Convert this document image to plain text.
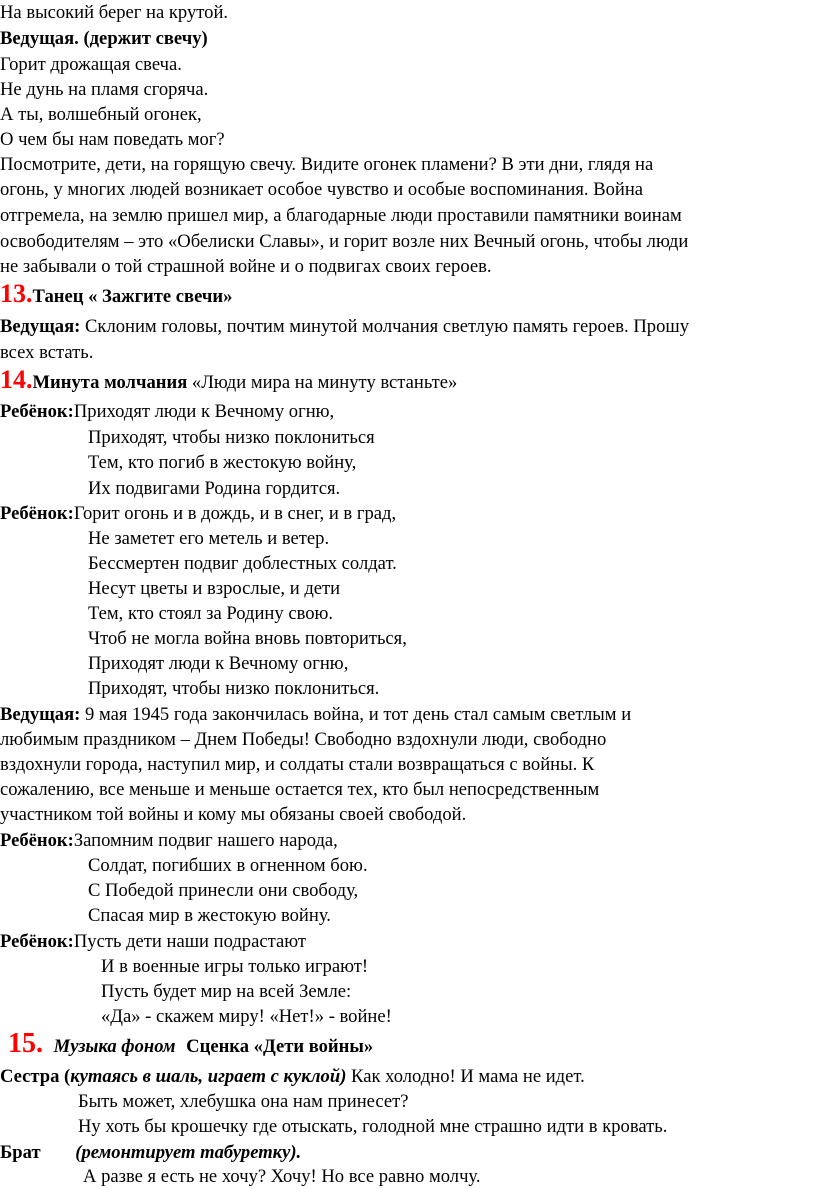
На высокий берег на крутой.
Ведущая. (держит свечу)
Горит дрожащая свеча.
Не дунь на пламя сгоряча.
А ты, волшебный огонек,
О чем бы нам поведать мог?
Посмотрите, дети, на горящую свечу. Видите огонек пламени? В эти дни, глядя на
огонь, у многих людей возникает особое чувство и особые воспоминания. Война
отгремела, на землю пришел мир, а благодарные люди проставили памятники воинам
освободителям – это «Обелиски Славы», и горит возле них Вечный огонь, чтобы люди
не забывали о той страшной войне и о подвигах своих героев.
13.Танец « Зажгите свечи»
Ведущая: Склоним головы, почтим минутой молчания светлую память героев. Прошу
всех встать.
14.Минута молчания «Люди мира на минуту встаньте»
Ребёнок:Приходят люди к Вечному огню,
Приходят, чтобы низко поклониться
Тем, кто погиб в жестокую войну,
Их подвигами Родина гордится.
Ребёнок:Горит огонь и в дождь, и в снег, и в град,
Не заметет его метель и ветер.
Бессмертен подвиг доблестных солдат.
Несут цветы и взрослые, и дети
Тем, кто стоял за Родину свою.
Чтоб не могла война вновь повториться,
Приходят люди к Вечному огню,
Приходят, чтобы низко поклониться.
Ведущая: 9 мая 1945 года закончилась война, и тот день стал самым светлым и
любимым праздником – Днем Победы! Свободно вздохнули люди, свободно
вздохнули города, наступил мир, и солдаты стали возвращаться с войны. К
сожалению, все меньше и меньше остается тех, кто был непосредственным
участником той войны и кому мы обязаны своей свободой.
Ребёнок:Запомним подвиг нашего народа,
Солдат, погибших в огненном бою.
С Победой принесли они свободу,
Спасая мир в жестокую войну.
Ребёнок:Пусть дети наши подрастают
И в военные игры только играют!
Пусть будет мир на всей Земле:
«Да» - скажем миру! «Нет!» - войне!
15. Музыка фоном Сценка «Дети войны»
Сестра (кутаясь в шаль, играет с куклой) Как холодно! И мама не идет.
Быть может, хлебушка она нам принесет?
Ну хоть бы крошечку где отыскать, голодной мне страшно идти в кровать.
Брат (ремонтирует табуретку).
А разве я есть не хочу? Хочу! Но все равно молчу.
